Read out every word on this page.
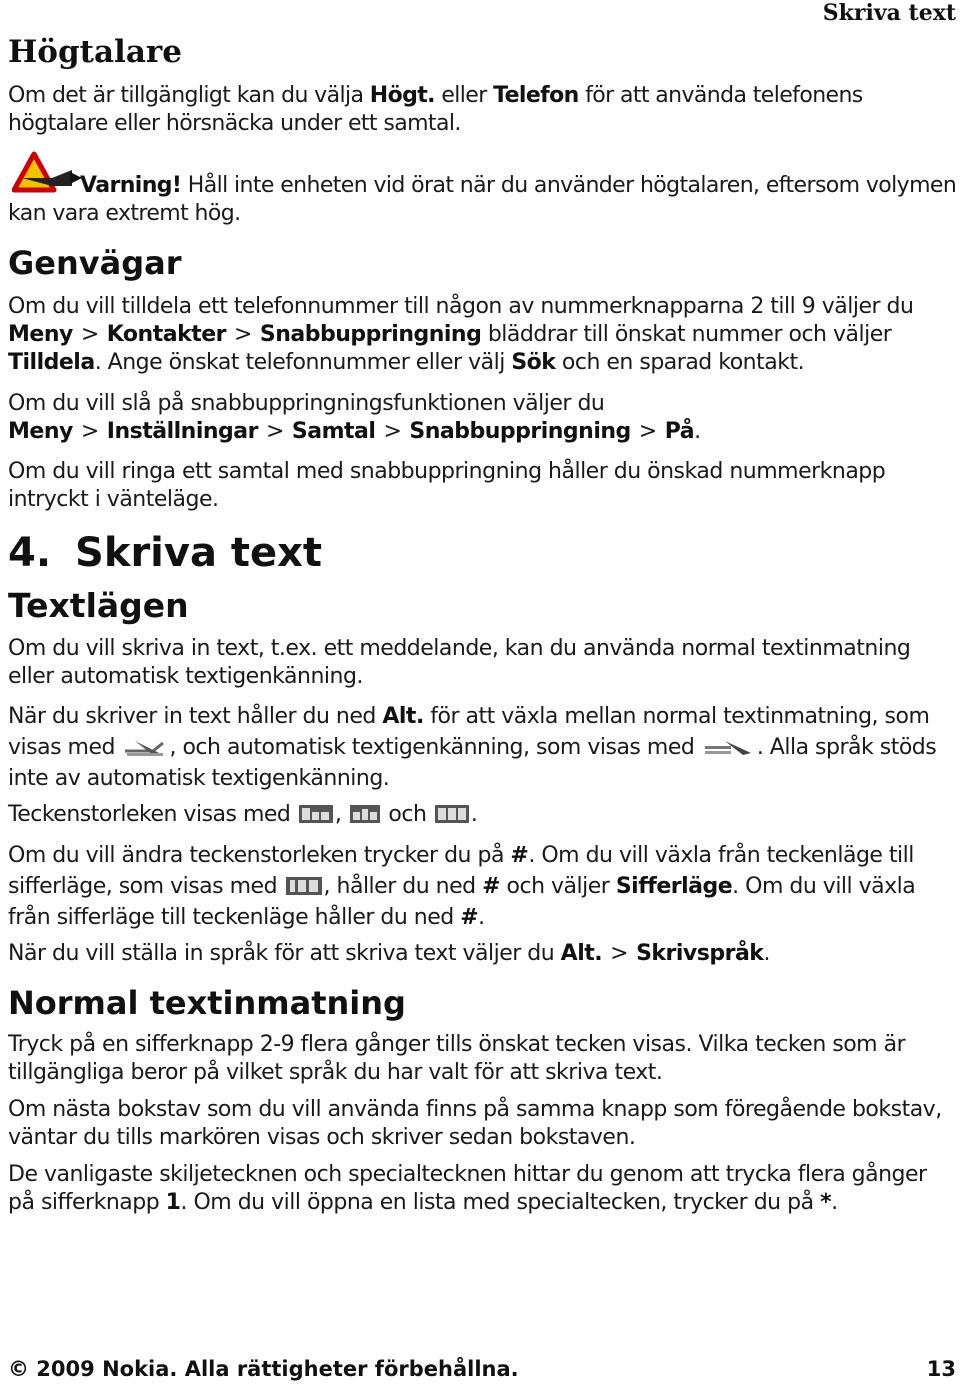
Skriva text
Högtalare

Om det är tillgängligt kan du välja Högt. eller Telefon för att använda telefonens högtalare eller hörsnäcka under ett samtal.

Varning! Håll inte enheten vid örat när du använder högtalaren, eftersom volymen kan vara extremt hög.

Genvägar

Om du vill tilldela ett telefonnummer till någon av nummerknapparna 2 till 9 väljer du Meny > Kontakter > Snabbuppringning bläddrar till önskat nummer och väljer Tilldela. Ange önskat telefonnummer eller välj Sök och en sparad kontakt.

Om du vill slå på snabbuppringningsfunktionen väljer du Meny > Inställningar > Samtal > Snabbuppringning > På.

Om du vill ringa ett samtal med snabbuppringning håller du önskad nummerknapp intryckt i vänteläge.

4. Skriva text
Textlägen

Om du vill skriva in text, t.ex. ett meddelande, kan du använda normal textinmatning eller automatisk textigenkänning.

När du skriver in text håller du ned Alt. för att växla mellan normal textinmatning, som visas med , och automatisk textigenkänning, som visas med	. Alla språk stöds inte av automatisk textigenkänning.

Teckenstorleken visas med ,  och .

Om du vill ändra teckenstorleken trycker du på #. Om du vill växla från teckenläge till sifferläge, som visas med , håller du ned # och väljer Sifferläge. Om du vill växla från sifferläge till teckenläge håller du ned #.

När du vill ställa in språk för att skriva text väljer du Alt. > Skrivspråk.

Normal textinmatning

Tryck på en sifferknapp 2-9 flera gånger tills önskat tecken visas. Vilka tecken som är tillgängliga beror på vilket språk du har valt för att skriva text.

Om nästa bokstav som du vill använda finns på samma knapp som föregående bokstav, väntar du tills markören visas och skriver sedan bokstaven.

De vanligaste skiljetecknen och specialtecknen hittar du genom att trycka flera gånger på sifferknapp 1. Om du vill öppna en lista med specialtecken, trycker du på *.

© 2009 Nokia. Alla rättigheter förbehållna.	13
